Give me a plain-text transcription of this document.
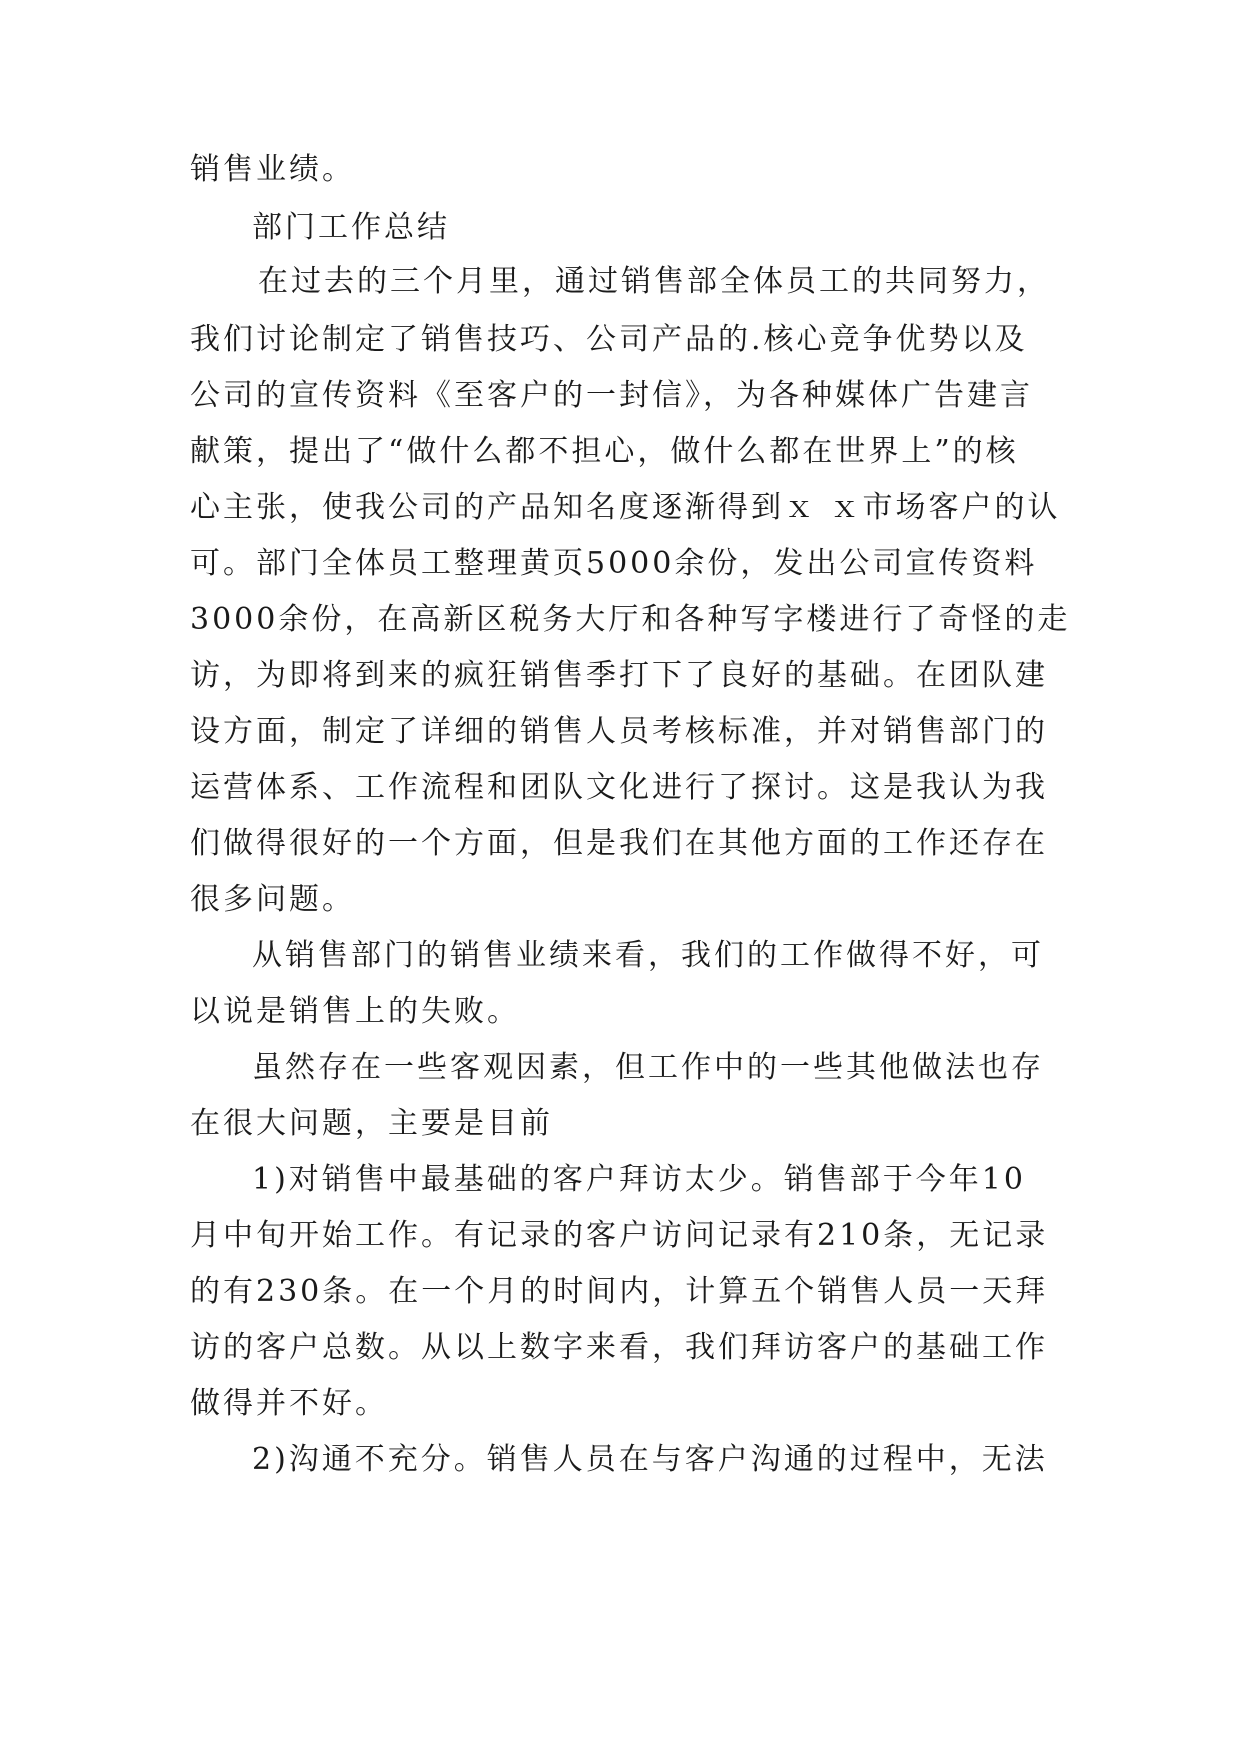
销售业绩。
部门工作总结
在过去的三个月里，通过销售部全体员工的共同努力，
我们讨论制定了销售技巧、公司产品的.核心竞争优势以及
公司的宣传资料《至客户的一封信》，为各种媒体广告建言
献策，提出了“做什么都不担心，做什么都在世界上”的核
心主张，使我公司的产品知名度逐渐得到ｘ ｘ市场客户的认
可。部门全体员工整理黄页5000余份，发出公司宣传资料
3000余份，在高新区税务大厅和各种写字楼进行了奇怪的走
访，为即将到来的疯狂销售季打下了良好的基础。在团队建
设方面，制定了详细的销售人员考核标准，并对销售部门的
运营体系、工作流程和团队文化进行了探讨。这是我认为我
们做得很好的一个方面，但是我们在其他方面的工作还存在
很多问题。
从销售部门的销售业绩来看，我们的工作做得不好，可
以说是销售上的失败。
虽然存在一些客观因素，但工作中的一些其他做法也存
在很大问题，主要是目前
1)对销售中最基础的客户拜访太少。销售部于今年10
月中旬开始工作。有记录的客户访问记录有210条，无记录
的有230条。在一个月的时间内，计算五个销售人员一天拜
访的客户总数。从以上数字来看，我们拜访客户的基础工作
做得并不好。
2)沟通不充分。销售人员在与客户沟通的过程中，无法
